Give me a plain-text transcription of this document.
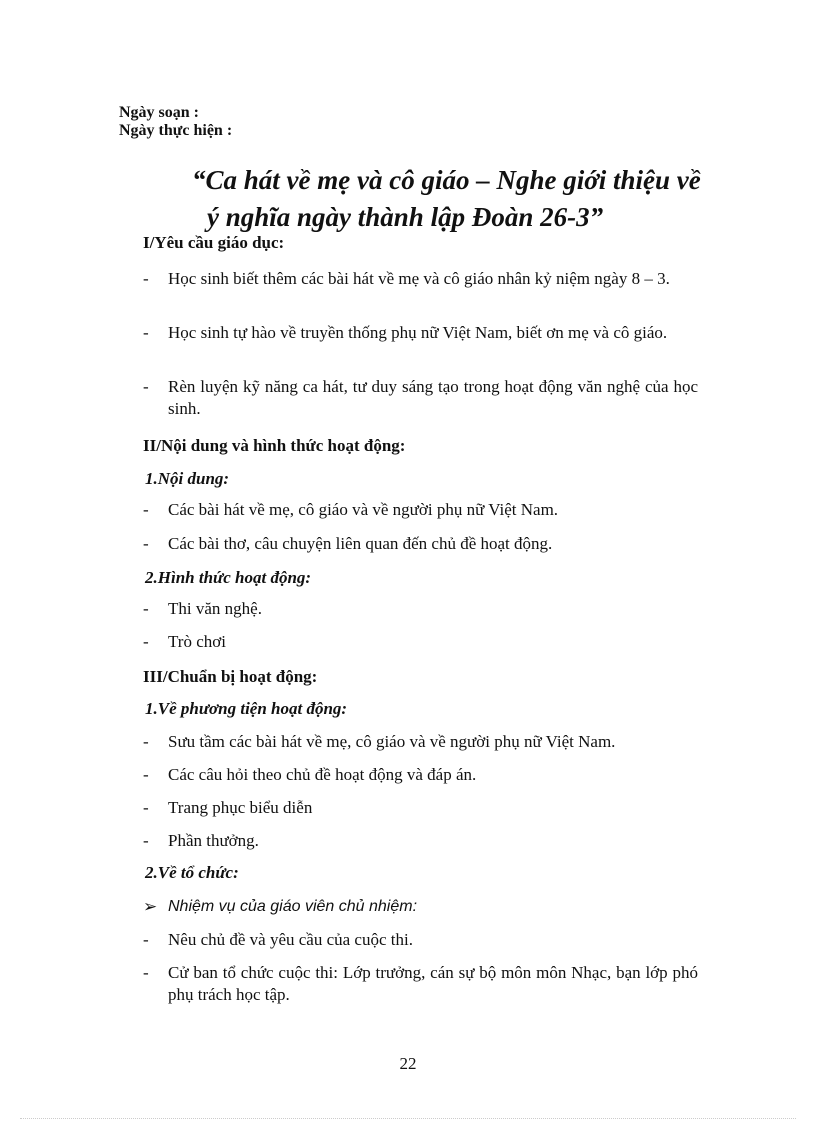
Ngày soạn :
Ngày thực hiện :
“Ca hát về mẹ và cô giáo – Nghe giới thiệu về
ý nghĩa ngày thành lập Đoàn 26-3”
I/Yêu cầu giáo dục:
-	Học sinh biết thêm các bài hát về mẹ và cô giáo nhân kỷ niệm ngày 8 – 3.
-	Học sinh tự hào về truyền thống phụ nữ Việt Nam, biết ơn mẹ và cô giáo.
-	Rèn luyện kỹ năng ca hát, tư duy sáng tạo trong hoạt động văn nghệ của học sinh.
II/Nội dung và hình thức hoạt động:
1.Nội dung:
-	Các bài hát về mẹ, cô giáo và về người phụ nữ Việt Nam.
-	Các bài thơ, câu chuyện liên quan đến chủ đề hoạt động.
2.Hình thức hoạt động:
-	Thi văn nghệ.
-	Trò chơi
III/Chuẩn bị hoạt động:
1.Về phương tiện hoạt động:
-	Sưu tầm các bài hát về mẹ, cô giáo và về người phụ nữ Việt Nam.
-	Các câu hỏi theo chủ đề hoạt động và đáp án.
-	Trang phục biểu diễn
-	Phần thưởng.
2.Về tổ chức:
➢ Nhiệm vụ của giáo viên chủ nhiệm:
-	Nêu chủ đề và yêu cầu của cuộc thi.
-	Cử ban tổ chức cuộc thi: Lớp trưởng, cán sự bộ môn môn Nhạc, bạn lớp phó phụ trách học tập.
22
